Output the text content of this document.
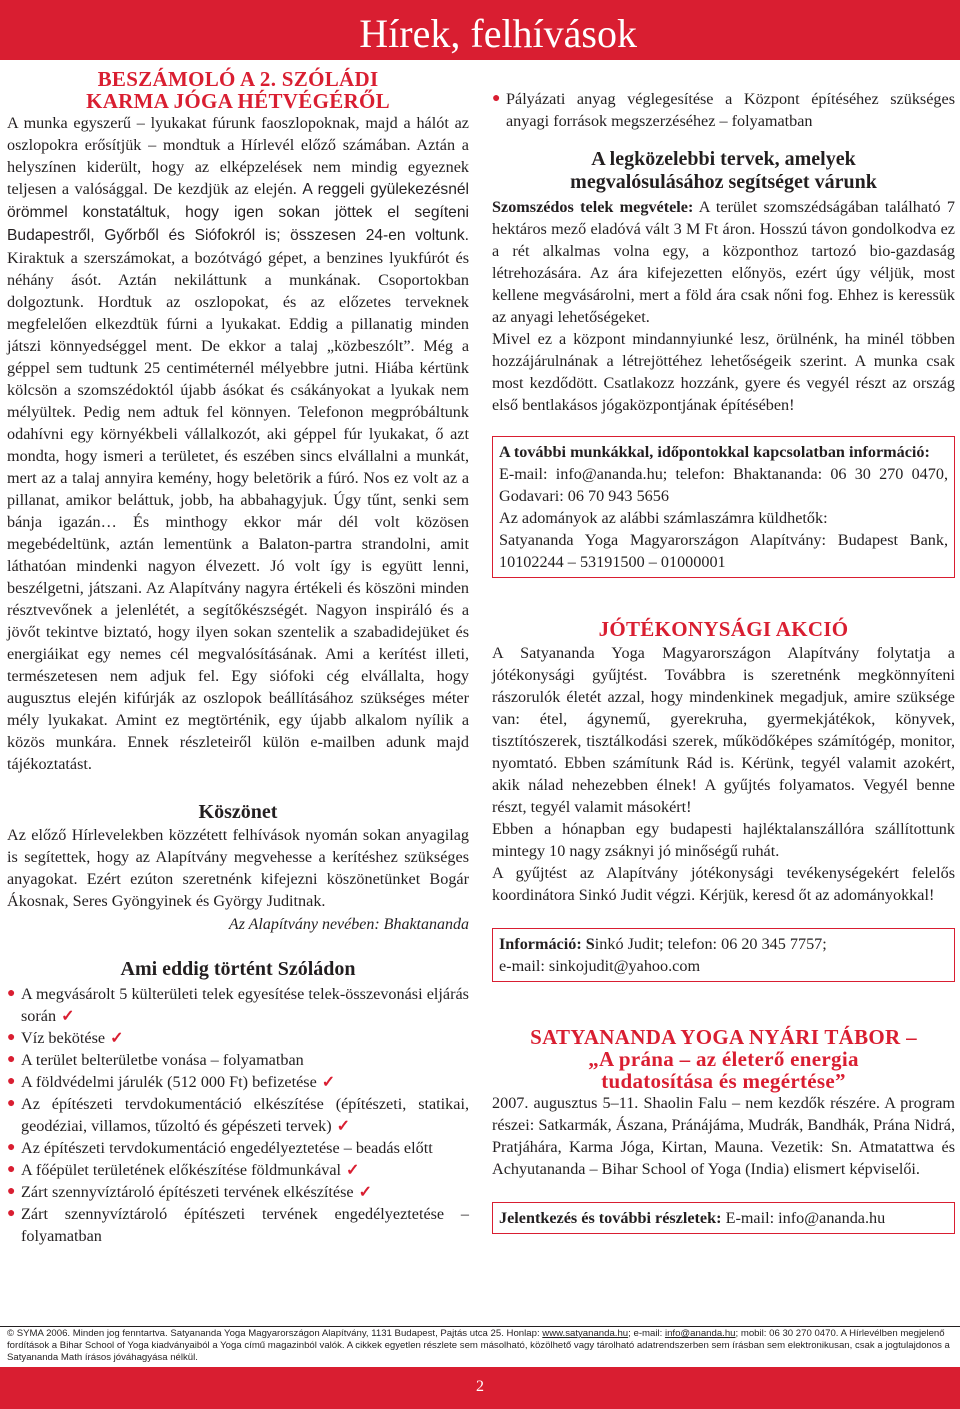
Hírek, felhívások
BESZÁMOLÓ A 2. SZÓLÁDI
KARMA JÓGA HÉTVÉGÉRŐL

A munka egyszerű – lyukakat fúrunk faoszlopoknak, majd a hálót az oszlopokra erősítjük – mondtuk a Hírlevél előző számában. Aztán a helyszínen kiderült, hogy az elképzelések nem mindig egyeznek teljesen a valósággal. De kezdjük az elején. A reggeli gyülekezésnél örömmel konstatáltuk, hogy igen sokan jöttek el segíteni Budapestről, Győrből és Siófokról is; összesen 24-en voltunk. Kiraktuk a szerszámokat, a bozótvágó gépet, a benzines lyukfúrót és néhány ásót. Aztán nekiláttunk a munkának. Csoportokban dolgoztunk. Hordtuk az oszlopokat, és az előzetes terveknek megfelelően elkezdtük fúrni a lyukakat. Eddig a pillanatig minden játszi könnyedséggel ment. De ekkor a talaj „közbeszólt”. Még a géppel sem tudtunk 25 centiméternél mélyebbre jutni. Hiába kértünk kölcsön a szomszédoktól újabb ásókat és csákányokat a lyukak nem mélyültek. Pedig nem adtuk fel könnyen. Telefonon megpróbáltunk odahívni egy környékbeli vállalkozót, aki géppel fúr lyukakat, ő azt mondta, hogy ismeri a területet, és eszében sincs elvállalni a munkát, mert az a talaj annyira kemény, hogy beletörik a fúró. Nos ez volt az a pillanat, amikor beláttuk, jobb, ha abbahagyjuk. Úgy tűnt, senki sem bánja igazán… És minthogy ekkor már dél volt közösen megebédeltünk, aztán lementünk a Balaton-partra strandolni, amit láthatóan mindenki nagyon élvezett. Jó volt így is együtt lenni, beszélgetni, játszani. Az Alapítvány nagyra értékeli és köszöni minden résztvevőnek a jelenlétét, a segítőkészségét. Nagyon inspiráló és a jövőt tekintve biztató, hogy ilyen sokan szentelik a szabadidejüket és energiáikat egy nemes cél megvalósításának. Ami a kerítést illeti, természetesen nem adjuk fel. Egy siófoki cég elvállalta, hogy augusztus elején kifúrják az oszlopok beállításához szükséges méter mély lyukakat. Amint ez megtörténik, egy újabb alkalom nyílik a közös munkára. Ennek részleteiről külön e-mailben adunk majd tájékoztatást.

Köszönet

Az előző Hírlevelekben közzétett felhívások nyomán sokan anyagilag is segítettek, hogy az Alapítvány megvehesse a kerítéshez szükséges anyagokat. Ezért ezúton szeretnénk kifejezni köszönetünket Bogár Ákosnak, Seres Gyöngyinek és György Juditnak.

Az Alapítvány nevében: Bhaktananda

Ami eddig történt Szóládon
● A megvásárolt 5 külterületi telek egyesítése telek-összevonási eljárás során ✓
● Víz bekötése ✓
● A terület belterületbe vonása – folyamatban
● A földvédelmi járulék (512 000 Ft) befizetése ✓
● Az építészeti tervdokumentáció elkészítése (építészeti, statikai, geodéziai, villamos, tűzoltó és gépészeti tervek) ✓
● Az építészeti tervdokumentáció engedélyeztetése – beadás előtt
● A főépület területének előkészítése földmunkával ✓
● Zárt szennyvíztároló építészeti tervének elkészítése ✓
● Zárt szennyvíztároló építészeti tervének engedélyeztetése – folyamatban
● Pályázati anyag véglegesítése a Központ építéséhez szükséges anyagi források megszerzéséhez – folyamatban
A legközelebbi tervek, amelyek
megvalósulásához segítséget várunk

Szomszédos telek megvétele: A terület szomszédságában található 7 hektáros mező eladóvá vált 3 M Ft áron. Hosszú távon gondolkodva ez a rét alkalmas volna egy, a központhoz tartozó bio-gazdaság létrehozására. Az ára kifejezetten előnyös, ezért úgy véljük, most kellene megvásárolni, mert a föld ára csak nőni fog. Ehhez is keressük az anyagi lehetőségeket.

Mivel ez a központ mindannyiunké lesz, örülnénk, ha minél többen hozzájárulnának a létrejöttéhez lehetőségeik szerint. A munka csak most kezdődött. Csatlakozz hozzánk, gyere és vegyél részt az ország első bentlakásos jógaközpontjának építésében!

A további munkákkal, időpontokkal kapcsolatban információ:

E-mail: info@ananda.hu; telefon: Bhaktananda: 06 30 270 0470, Godavari: 06 70 943 5656

Az adományok az alábbi számlaszámra küldhetők:

Satyananda Yoga Magyarországon Alapítvány: Budapest Bank, 10102244 – 53191500 – 01000001

JÓTÉKONYSÁGI AKCIÓ

A Satyananda Yoga Magyarországon Alapítvány folytatja a jótékonysági gyűjtést. Továbbra is szeretnénk megkönnyíteni rászorulók életét azzal, hogy mindenkinek megadjuk, amire szüksége van: étel, ágynemű, gyerekruha, gyermekjátékok, könyvek, tisztítószerek, tisztálkodási szerek, működőképes számítógép, monitor, nyomtató. Ebben számítunk Rád is. Kérünk, tegyél valamit azokért, akik nálad nehezebben élnek! A gyűjtés folyamatos. Vegyél benne részt, tegyél valamit másokért!

Ebben a hónapban egy budapesti hajléktalanszállóra szállítottunk mintegy 10 nagy zsáknyi jó minőségű ruhát.

A gyűjtést az Alapítvány jótékonysági tevékenységekért felelős koordinátora Sinkó Judit végzi. Kérjük, keresd őt az adományokkal!

Információ: Sinkó Judit; telefon: 06 20 345 7757;

e-mail: sinkojudit@yahoo.com

SATYANANDA YOGA NYÁRI TÁBOR –
„A prána – az életerő energia
tudatosítása és megértése”

2007. augusztus 5–11. Shaolin Falu – nem kezdők részére. A program részei: Satkarmák, Ászana, Pránájáma, Mudrák, Bandhák, Prána Nidrá, Pratjáhára, Karma Jóga, Kirtan, Mauna. Vezetik: Sn. Atmatattwa és Achyutananda – Bihar School of Yoga (India) elismert képviselői.

Jelentkezés és további részletek: E-mail: info@ananda.hu

© SYMA 2006. Minden jog fenntartva. Satyananda Yoga Magyarországon Alapítvány, 1131 Budapest, Pajtás utca 25. Honlap: www.satyananda.hu; e-mail: info@ananda.hu; mobil: 06 30 270 0470. A Hírlevélben megjelenő fordítások a Bihar School of Yoga kiadványaiból a Yoga című magazinból valók. A cikkek egyetlen részlete sem másolható, közölhető vagy tárolható adatrendszerben sem írásban sem elektronikusan, csak a jogtulajdonos a Satyananda Math írásos jóváhagyása nélkül.
2
